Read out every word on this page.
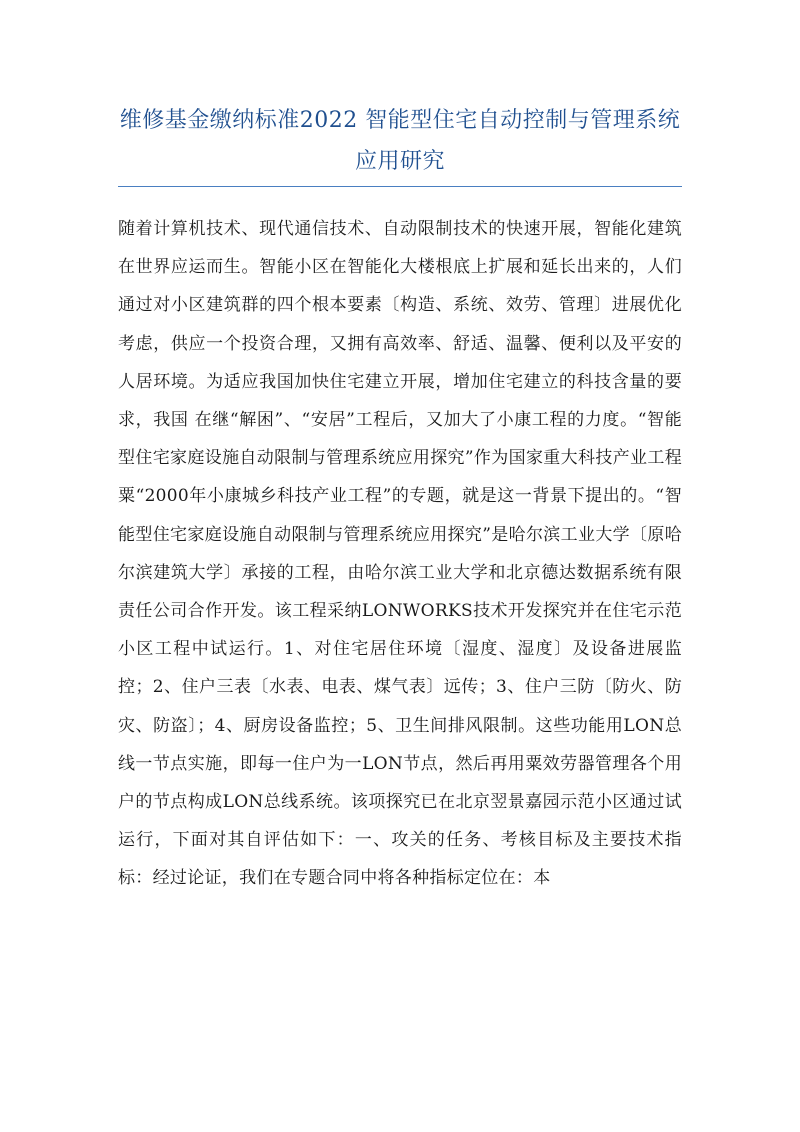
维修基金缴纳标准2022 智能型住宅自动控制与管理系统应用研究

随着计算机技术、现代通信技术、自动限制技术的快速开展，智能化建筑在世界应运而生。智能小区在智能化大楼根底上扩展和延长出来的，人们通过对小区建筑群的四个根本要素〔构造、系统、效劳、管理〕进展优化考虑，供应一个投资合理，又拥有高效率、舒适、温馨、便利以及平安的人居环境。为适应我国加快住宅建立开展，增加住宅建立的科技含量的要求，我国 在继“解困”、“安居”工程后，又加大了小康工程的力度。“智能型住宅家庭设施自动限制与管理系统应用探究”作为国家重大科技产业工程粟“2000年小康城乡科技产业工程”的专题，就是这一背景下提出的。“智能型住宅家庭设施自动限制与管理系统应用探究”是哈尔滨工业大学〔原哈尔滨建筑大学〕承接的工程，由哈尔滨工业大学和北京德达数据系统有限责任公司合作开发。该工程采纳LONWORKS技术开发探究并在住宅示范小区工程中试运行。1、对住宅居住环境〔湿度、湿度〕及设备进展监控；2、住户三表〔水表、电表、煤气表〕远传；3、住户三防〔防火、防灾、防盗〕；4、厨房设备监控；5、卫生间排风限制。这些功能用LON总线一节点实施，即每一住户为一LON节点，然后再用粟效劳器管理各个用户的节点构成LON总线系统。该项探究已在北京翌景嘉园示范小区通过试运行，下面对其自评估如下：一、攻关的任务、考核目标及主要技术指标：经过论证，我们在专题合同中将各种指标定位在：本
